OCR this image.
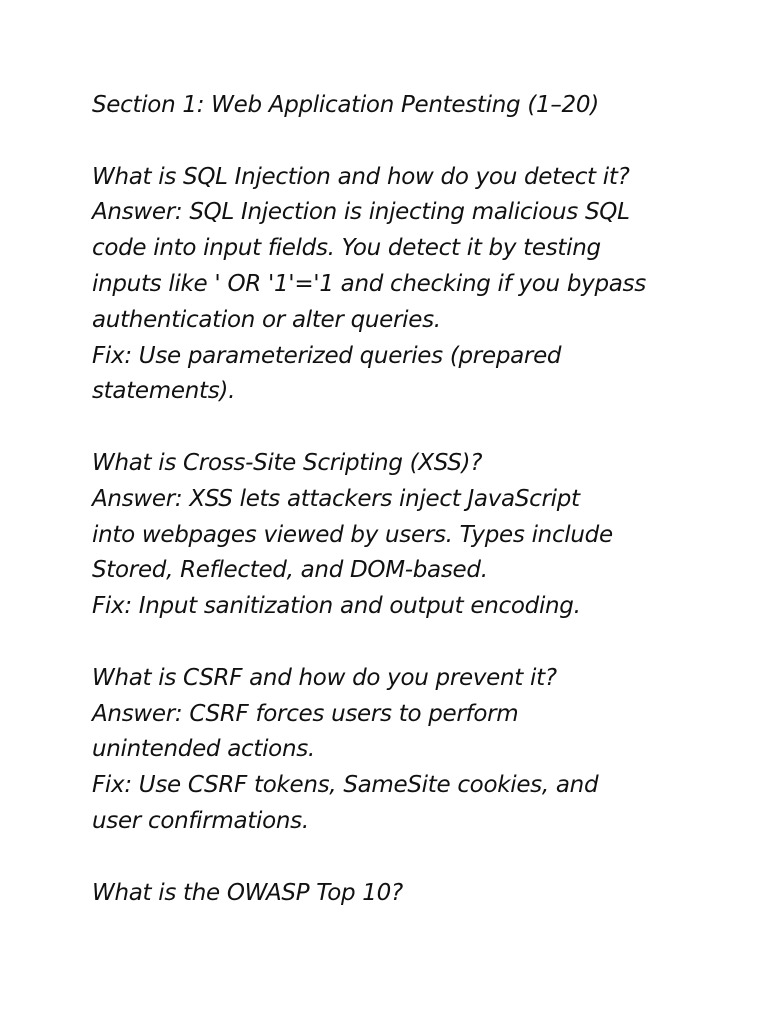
Section 1: Web Application Pentesting (1–20)
What is SQL Injection and how do you detect it?
Answer: SQL Injection is injecting malicious SQL
code into input fields. You detect it by testing
inputs like ' OR '1'='1 and checking if you bypass
authentication or alter queries.
Fix: Use parameterized queries (prepared
statements).
What is Cross-Site Scripting (XSS)?
Answer: XSS lets attackers inject JavaScript
into webpages viewed by users. Types include
Stored, Reflected, and DOM-based.
Fix: Input sanitization and output encoding.
What is CSRF and how do you prevent it?
Answer: CSRF forces users to perform
unintended actions.
Fix: Use CSRF tokens, SameSite cookies, and
user confirmations.
What is the OWASP Top 10?
